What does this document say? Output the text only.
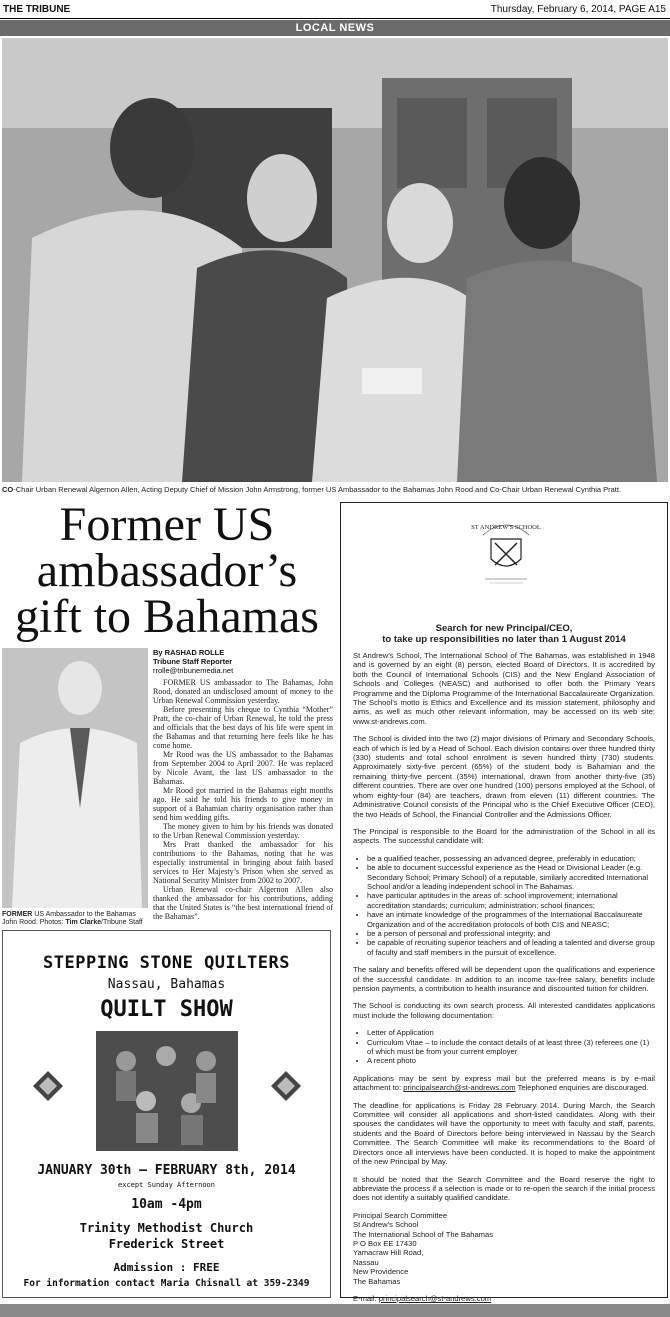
THE TRIBUNE	Thursday, February 6, 2014, PAGE A15
LOCAL NEWS
CO-Chair Urban Renewal Algernon Allen, Acting Deputy Chief of Mission John Armstrong, former US Ambassador to the Bahamas John Rood and Co-Chair Urban Renewal Cynthia Pratt.
Former US
ambassador’s
gift to Bahamas
FORMER US Ambassador to the Bahamas John Rood. Photos: Tim Clarke/Tribune Staff
By RASHAD ROLLE
Tribune Staff Reporter
rrolle@tribunemedia.net

FORMER US ambassador to The Bahamas, John Rood, donated an undisclosed amount of money to the Urban Renewal Commission yesterday.

Before presenting his cheque to Cynthia “Mother” Pratt, the co-chair of Urban Renewal, he told the press and officials that the best days of his life were spent in the Bahamas and that returning here feels like he has come home.

Mr Rood was the US ambassador to the Bahamas from September 2004 to April 2007. He was replaced by Nicole Avant, the last US ambassador to the Bahamas.

Mr Rood got married in the Bahamas eight months ago. He said he told his friends to give money in support of a Bahamian charity organisation rather than send him wedding gifts.

The money given to him by his friends was donated to the Urban Renewal Commission yesterday.

Mrs Pratt thanked the ambassador for his contributions to the Bahamas, noting that he was especially instrumental in bringing about faith based services to Her Majesty’s Prison when she served as National Security Minister from 2002 to 2007.

Urban Renewal co-chair Algernon Allen also thanked the ambassador for his contributions, adding that the United States is “the best international friend of the Bahamas”.

STEPPING STONE QUILTERS
Nassau, Bahamas
QUILT SHOW
JANUARY 30th – FEBRUARY 8th, 2014
except Sunday Afternoon
10am -4pm
Trinity Methodist Church
Frederick Street
Admission : FREE
For information contact Maria Chisnall at 359-2349
ST ANDREW'S SCHOOL
Search for new Principal/CEO,
to take up responsibilities no later than 1 August 2014

St Andrew’s School, The International School of The Bahamas, was established in 1948 and is governed by an eight (8) person, elected Board of Directors. It is accredited by both the Council of International Schools (CIS) and the New England Association of Schools and Colleges (NEASC) and authorised to offer both the Primary Years Programme and the Diploma Programme of the International Baccalaureate Organization. The School’s motto is Ethics and Excellence and its mission statement, philosophy and aims, as well as much other relevant information, may be accessed on its web site: www.st-andrews.com.

The School is divided into the two (2) major divisions of Primary and Secondary Schools, each of which is led by a Head of School. Each division contains over three hundred thirty (330) students and total school enrolment is seven hundred thirty (730) students. Approximately sixty-five percent (65%) of the student body is Bahamian and the remaining thirty-five percent (35%) international, drawn from another thirty-five (35) different countries. There are over one hundred (100) persons employed at the School, of whom eighty-four (84) are teachers, drawn from eleven (11) different countries. The Administrative Council consists of the Principal who is the Chief Executive Officer (CEO), the two Heads of School, the Financial Controller and the Admissions Officer.

The Principal is responsible to the Board for the administration of the School in all its aspects. The successful candidate will:

• be a qualified teacher, possessing an advanced degree, preferably in education;
• be able to document successful experience as the Head or Divisional Leader (e.g. Secondary School; Primary School) of a reputable, similarly accredited International School and/or a leading independent school in The Bahamas.
• have particular aptitudes in the areas of: school improvement; international accreditation standards; curriculum; administration; school finances;
• have an intimate knowledge of the programmes of the International Baccalaureate Organization and of the accreditation protocols of both CIS and NEASC;
• be a person of personal and professional integrity; and
• be capable of recruiting superior teachers and of leading a talented and diverse group of faculty and staff members in the pursuit of excellence.

The salary and benefits offered will be dependent upon the qualifications and experience of the successful candidate. In addition to an income tax-free salary, benefits include pension payments, a contribution to health insurance and discounted tuition for children.

The School is conducting its own search process. All interested candidates applications must include the following documentation:

• Letter of Application
• Curriculum Vitae – to include the contact details of at least three (3) referees one (1) of which must be from your current employer
• A recent photo

Applications may be sent by express mail but the preferred means is by e-mail attachment to: principalsearch@st-andrews.com Telephoned enquiries are discouraged.

The deadline for applications is Friday 28 February 2014. During March, the Search Committee will consider all applications and short-listed candidates. Along with their spouses the candidates will have the opportunity to meet with faculty and staff, parents, students and the Board of Directors before being interviewed in Nassau by the Search Committee. The Search Committee will make its recommendations to the Board of Directors once all interviews have been conducted. It is hoped to make the appointment of the new Principal by May.

It should be noted that the Search Committee and the Board reserve the right to abbreviate the process if a selection is made or to re-open the search if the initial process does not identify a suitably qualified candidate.

Principal Search Committee
St Andrew’s School
The International School of The Bahamas
P O Box EE 17430
Yamacraw Hill Road,
Nassau
New Providence
The Bahamas
E-mail: principalsearch@st-andrews.com
